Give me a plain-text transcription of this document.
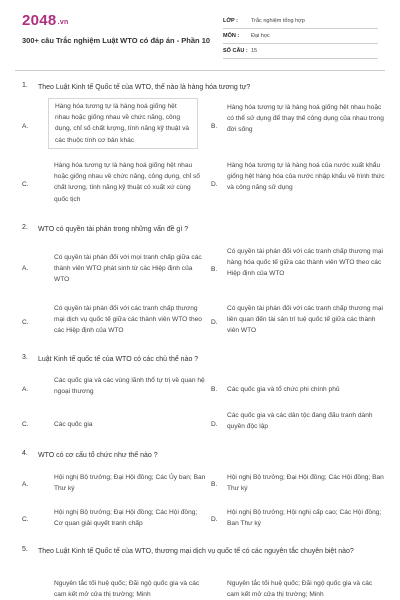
2048.vn
300+ câu Trắc nghiệm Luật WTO có đáp án - Phần 10
LỚP :	Trắc nghiệm tổng hợp
MÔN :	Đại học
SỐ CÂU : 15
1. Theo Luật Kinh tế Quốc tế của WTO, thế nào là hàng hóa tương tự?
A.
Hàng hóa tương tự là hàng hoá giống hệt nhau hoặc giống nhau về chức năng, công dụng, chỉ số chất lượng, tính năng kỹ thuật và các thuộc tính cơ bản khác
B.
Hàng hóa tương tự là hàng hoá giống hệt nhau hoặc có thể sử dụng để thay thế công dụng của nhau trong đời sống
C.
Hàng hóa tương tự là hàng hoá giống hệt nhau hoặc giống nhau về chức năng, công dụng, chỉ số chất lượng, tính năng kỹ thuật có xuất xứ cùng quốc tịch
D.
Hàng hóa tương tự là hàng hoá của nước xuất khẩu giống hệt hàng hóa của nước nhập khẩu về hình thức và công năng sử dụng
2. WTO có quyền tài phán trong những vấn đề gì ?
A.
Có quyền tài phán đối với mọi tranh chấp giữa các thành viên WTO phát sinh từ các Hiệp định của WTO
B.
Có quyền tài phán đối với các tranh chấp thương mại hàng hóa quốc tế giữa các thành viên WTO theo các Hiệp định của WTO
C.
Có quyền tài phán đối với các tranh chấp thương mại dịch vụ quốc tế giữa các thành viên WTO theo các Hiệp định của WTO
D.
Có quyền tài phán đối với các tranh chấp thương mại liên quan đến tài sản trí tuệ quốc tế giữa các thành viên WTO
3. Luật Kinh tế quốc tế của WTO có các chủ thể nào ?
A.
Các quốc gia và các vùng lãnh thổ tự trị về quan hệ ngoại thương	B. Các quốc gia và tổ chức phi chính phủ
C.	Các quốc gia	D.
Các quốc gia và các dân tộc đang đấu tranh dành quyền độc lập
4. WTO có cơ cấu tổ chức như thế nào ?
A.
Hội nghị Bộ trưởng; Đại Hội đồng; Các Ủy ban; Ban Thư ký
B.
Hội nghị Bộ trưởng; Đại Hội đồng; Các Hội đồng; Ban Thư ký
C.
Hội nghị Bộ trưởng; Đại Hội đồng; Các Hội đồng; Cơ quan giải quyết tranh chấp
D.
Hội nghị Bộ trưởng; Hội nghị cấp cao; Các Hội đồng; Ban Thư ký
5. Theo Luật Kinh tế Quốc tế của WTO, thương mại dịch vụ quốc tế có các nguyên tắc chuyên biệt nào?
Nguyên tắc tối huệ quốc; Đãi ngộ quốc gia và các cam kết mở cửa thị trường; Minh
Nguyên tắc tối huệ quốc; Đãi ngộ quốc gia và các cam kết mở cửa thị trường; Minh
